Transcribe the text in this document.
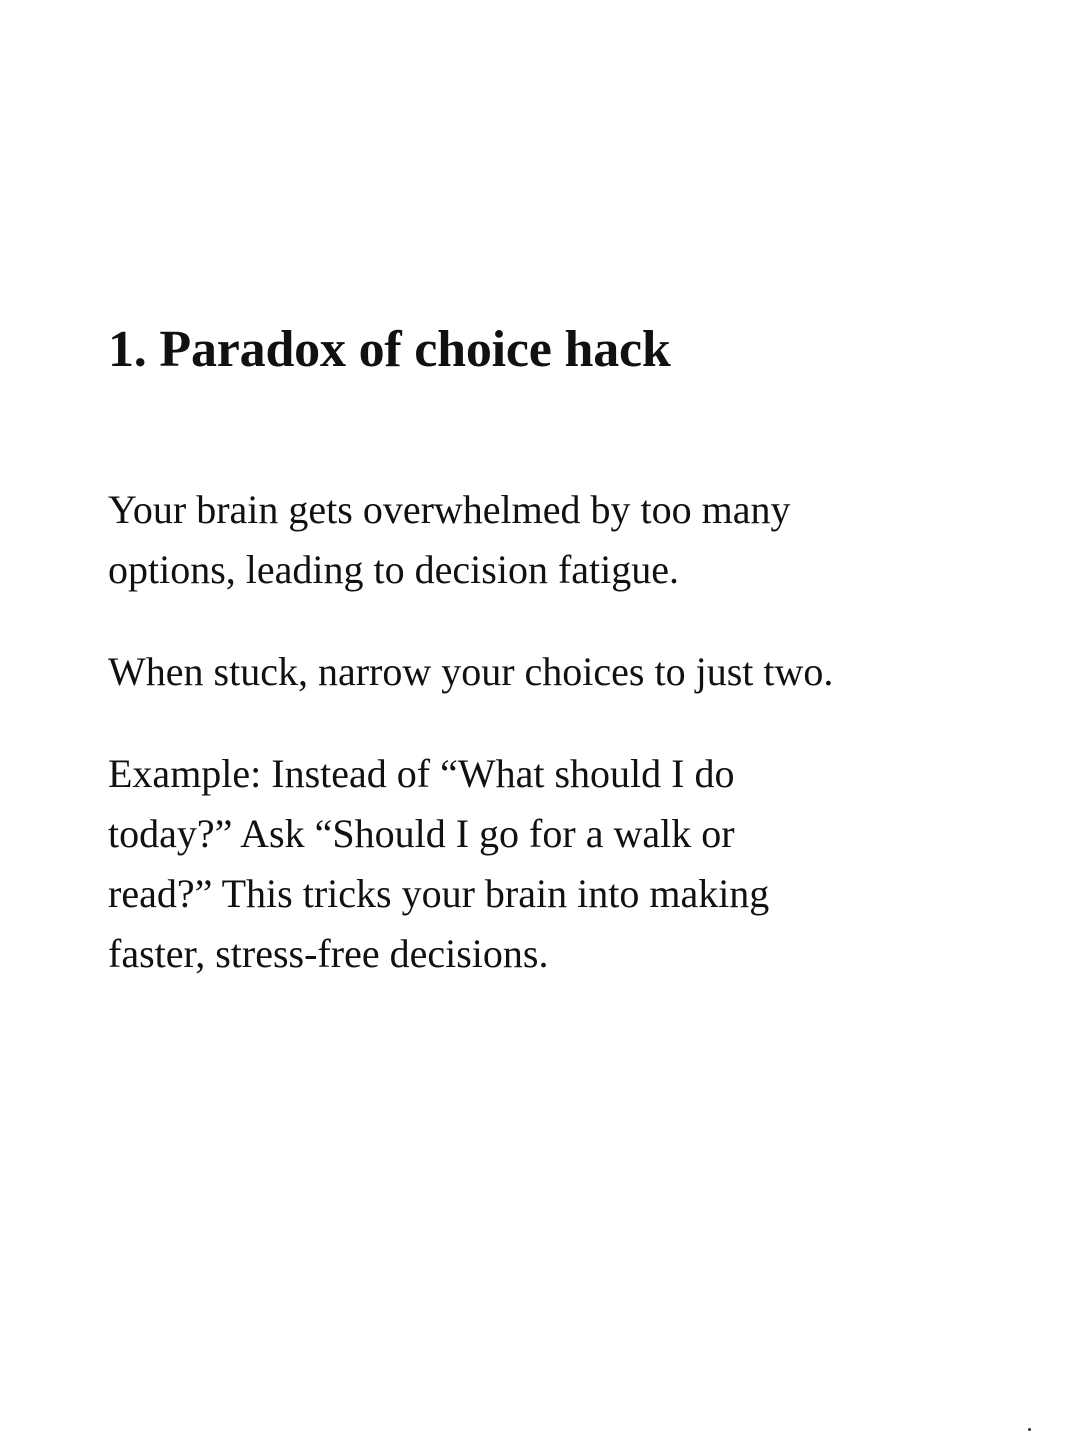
1. Paradox of choice hack

Your brain gets overwhelmed by too many
options, leading to decision fatigue.

When stuck, narrow your choices to just two.

Example: Instead of “What should I do
today?” Ask “Should I go for a walk or
read?” This tricks your brain into making
faster, stress-free decisions.
